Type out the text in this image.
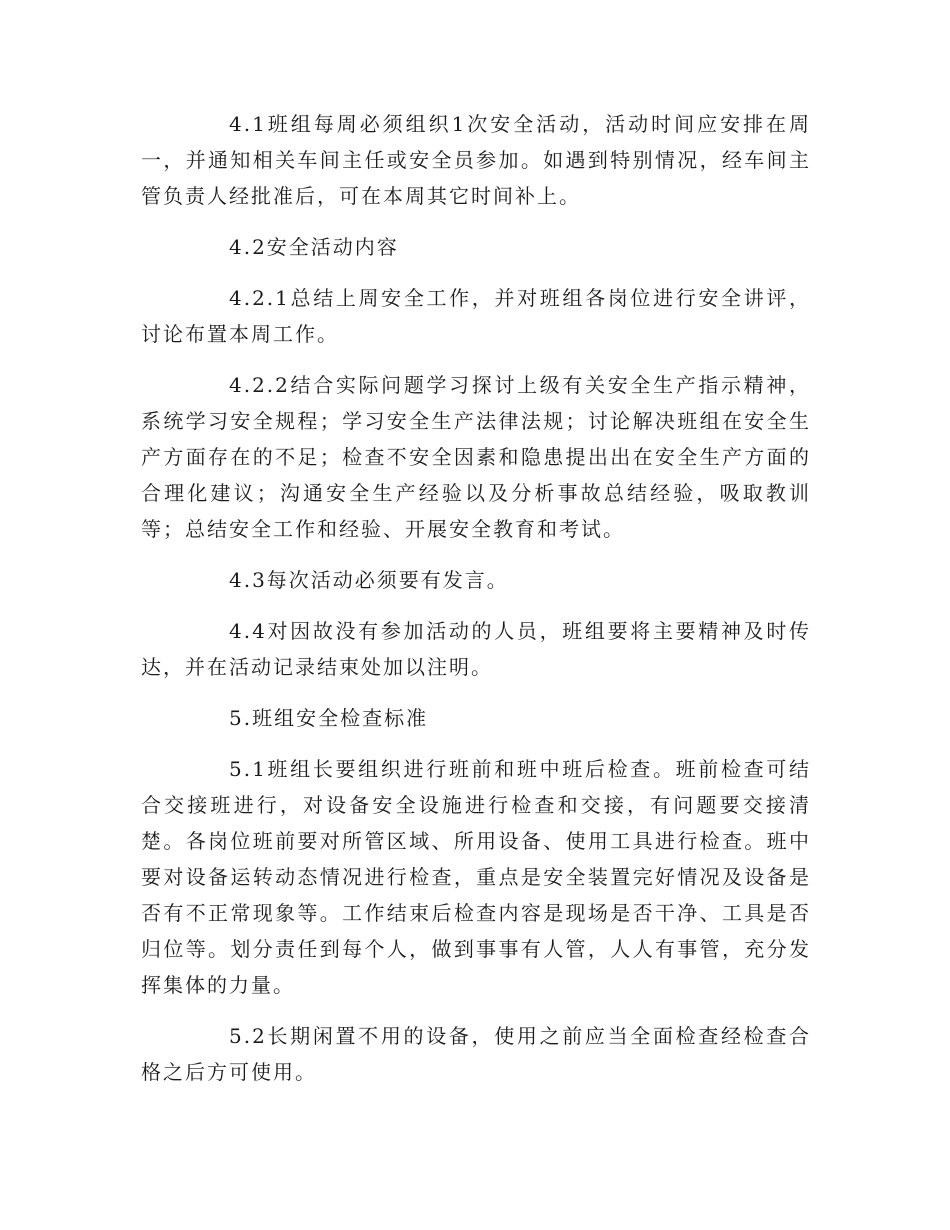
4.1班组每周必须组织1次安全活动，活动时间应安排在周一，并通知相关车间主任或安全员参加。如遇到特别情况，经车间主管负责人经批准后，可在本周其它时间补上。

4.2安全活动内容

4.2.1总结上周安全工作，并对班组各岗位进行安全讲评，讨论布置本周工作。

4.2.2结合实际问题学习探讨上级有关安全生产指示精神，系统学习安全规程；学习安全生产法律法规；讨论解决班组在安全生产方面存在的不足；检查不安全因素和隐患提出出在安全生产方面的合理化建议；沟通安全生产经验以及分析事故总结经验，吸取教训等；总结安全工作和经验、开展安全教育和考试。

4.3每次活动必须要有发言。

4.4对因故没有参加活动的人员，班组要将主要精神及时传达，并在活动记录结束处加以注明。

5.班组安全检查标准

5.1班组长要组织进行班前和班中班后检查。班前检查可结合交接班进行，对设备安全设施进行检查和交接，有问题要交接清楚。各岗位班前要对所管区域、所用设备、使用工具进行检查。班中要对设备运转动态情况进行检查，重点是安全装置完好情况及设备是否有不正常现象等。工作结束后检查内容是现场是否干净、工具是否归位等。划分责任到每个人，做到事事有人管，人人有事管，充分发挥集体的力量。

5.2长期闲置不用的设备，使用之前应当全面检查经检查合格之后方可使用。
